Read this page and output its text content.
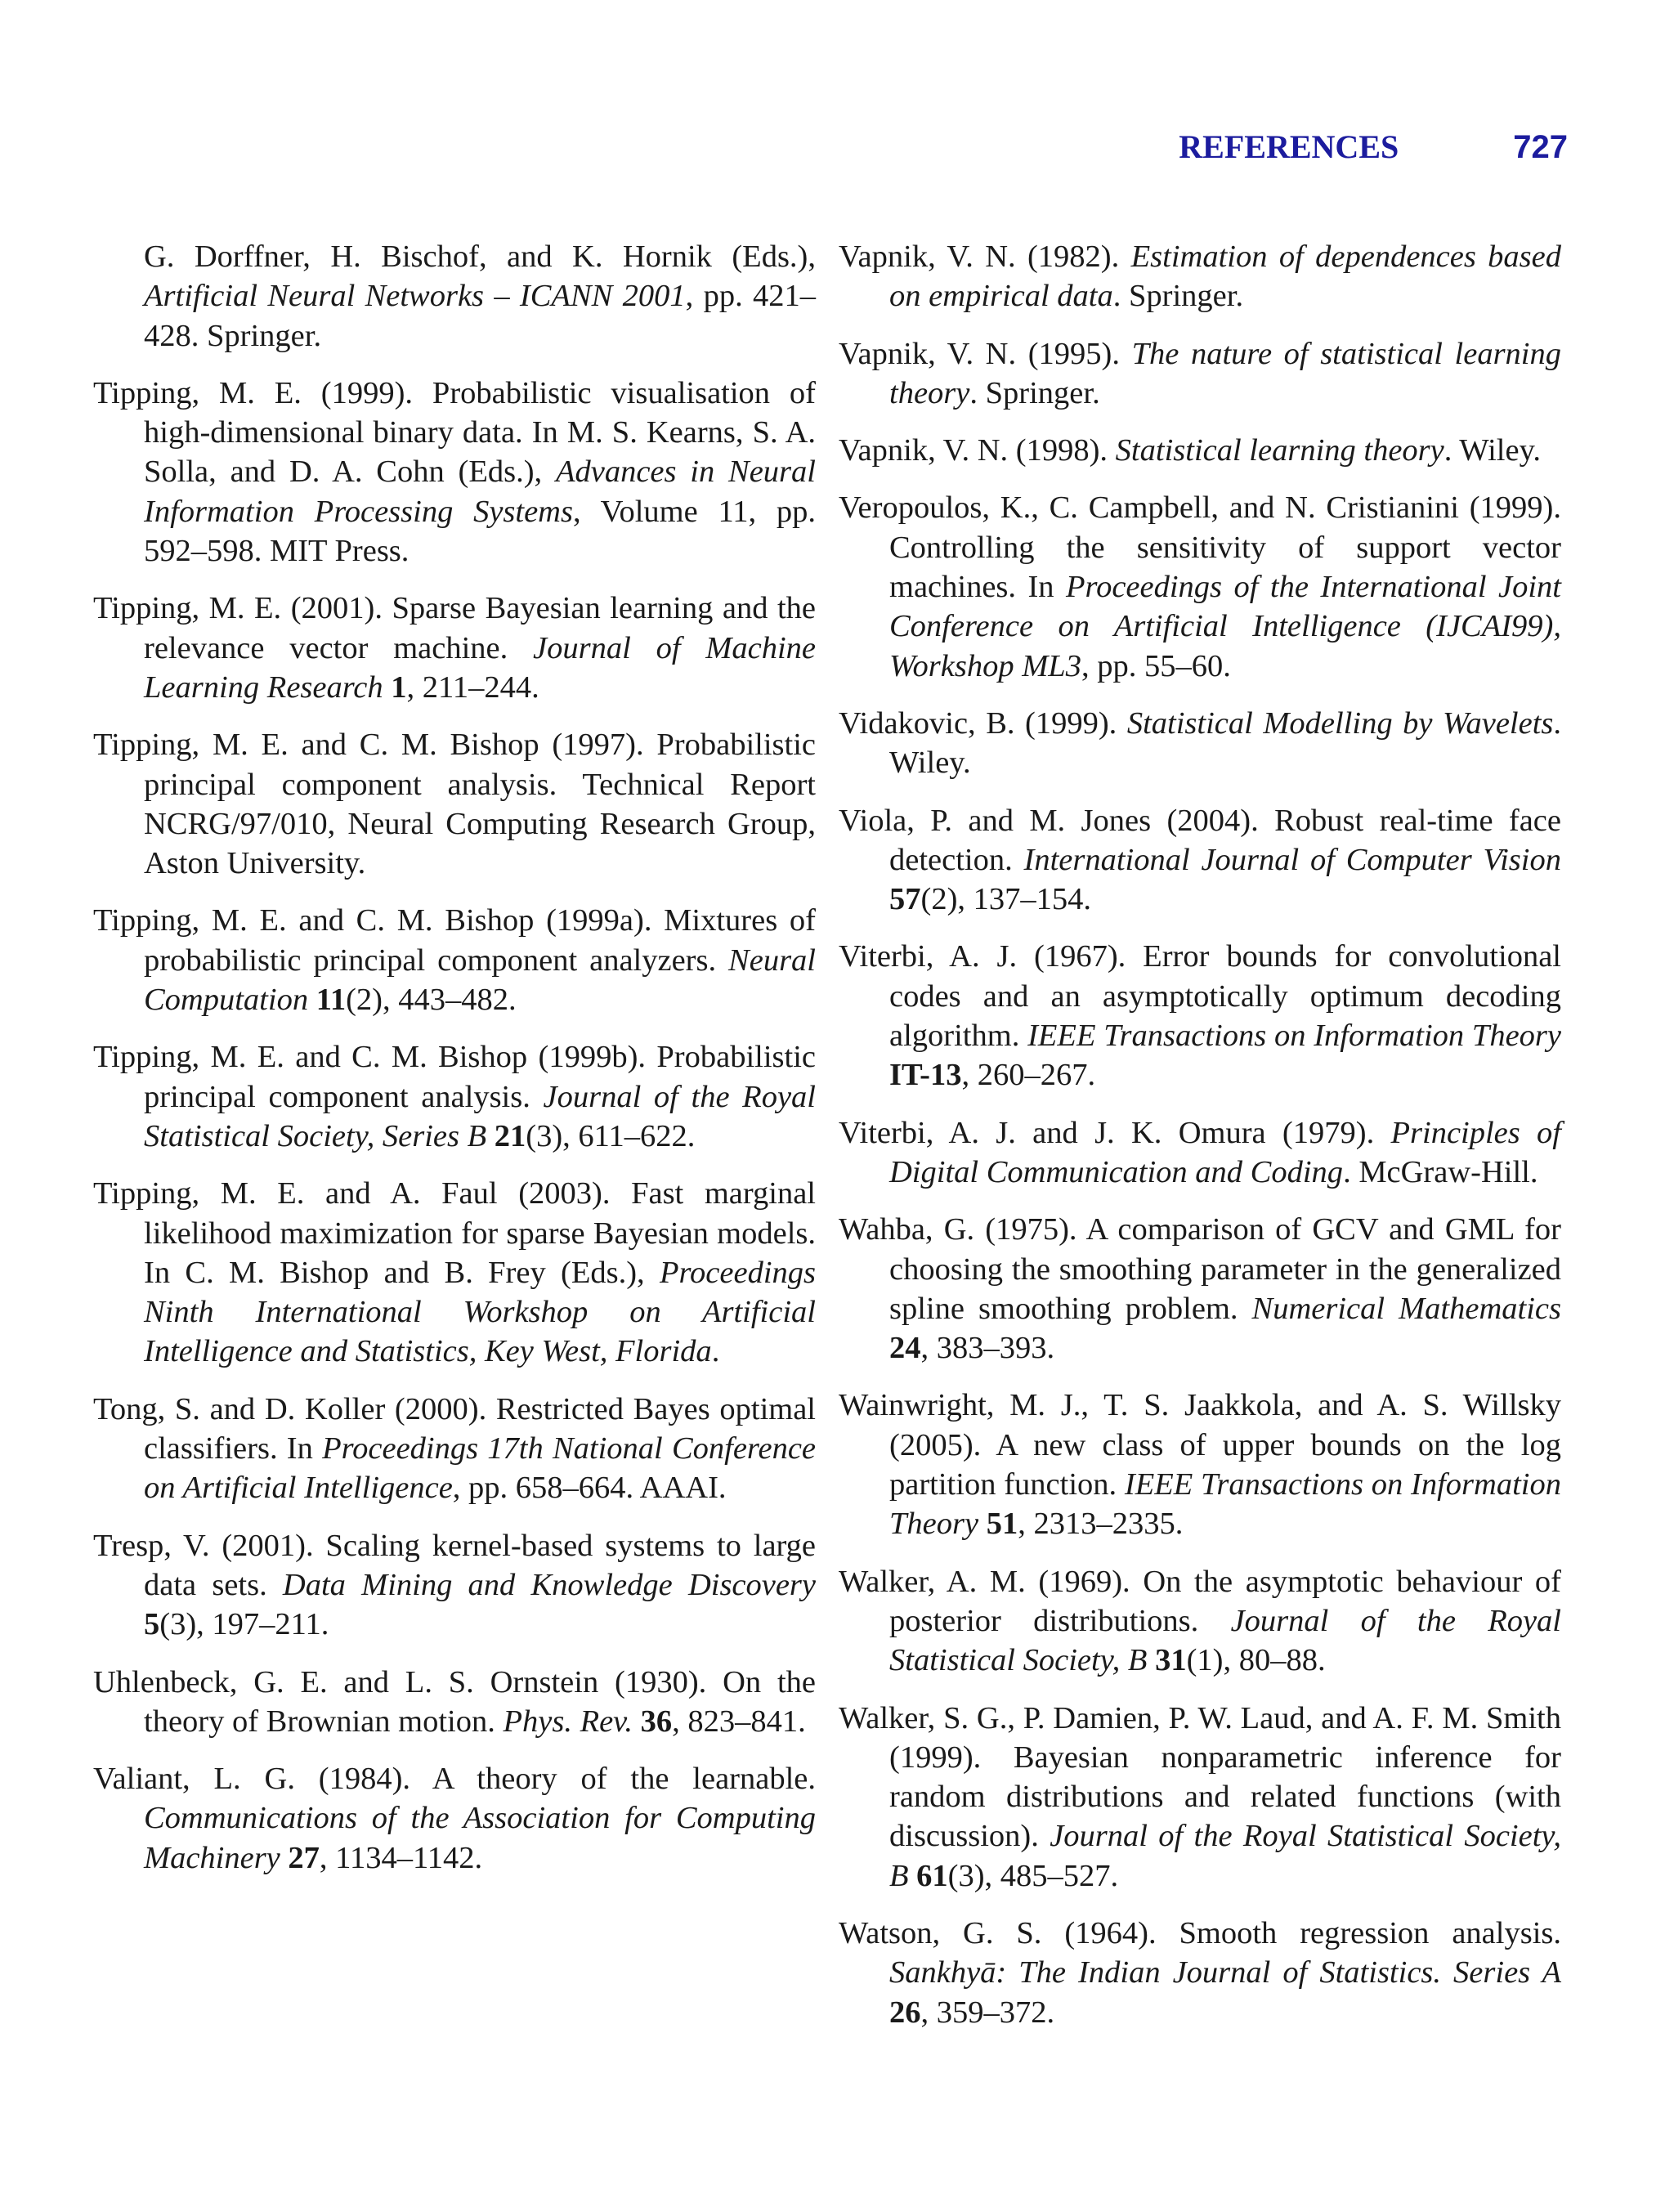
REFERENCES	727

G. Dorffner, H. Bischof, and K. Hornik (Eds.), Artificial Neural Networks – ICANN 2001, pp. 421–428. Springer.

Tipping, M. E. (1999). Probabilistic visualisation of high-dimensional binary data. In M. S. Kearns, S. A. Solla, and D. A. Cohn (Eds.), Advances in Neural Information Processing Systems, Volume 11, pp. 592–598. MIT Press.

Tipping, M. E. (2001). Sparse Bayesian learning and the relevance vector machine. Journal of Machine Learning Research 1, 211–244.

Tipping, M. E. and C. M. Bishop (1997). Probabilistic principal component analysis. Technical Report NCRG/97/010, Neural Computing Research Group, Aston University.

Tipping, M. E. and C. M. Bishop (1999a). Mixtures of probabilistic principal component analyzers. Neural Computation 11(2), 443–482.

Tipping, M. E. and C. M. Bishop (1999b). Probabilistic principal component analysis. Journal of the Royal Statistical Society, Series B 21(3), 611–622.

Tipping, M. E. and A. Faul (2003). Fast marginal likelihood maximization for sparse Bayesian models. In C. M. Bishop and B. Frey (Eds.), Proceedings Ninth International Workshop on Artificial Intelligence and Statistics, Key West, Florida.

Tong, S. and D. Koller (2000). Restricted Bayes optimal classifiers. In Proceedings 17th National Conference on Artificial Intelligence, pp. 658–664. AAAI.

Tresp, V. (2001). Scaling kernel-based systems to large data sets. Data Mining and Knowledge Discovery 5(3), 197–211.

Uhlenbeck, G. E. and L. S. Ornstein (1930). On the theory of Brownian motion. Phys. Rev. 36, 823–841.

Valiant, L. G. (1984). A theory of the learnable. Communications of the Association for Computing Machinery 27, 1134–1142.

Vapnik, V. N. (1982). Estimation of dependences based on empirical data. Springer.

Vapnik, V. N. (1995). The nature of statistical learning theory. Springer.

Vapnik, V. N. (1998). Statistical learning theory. Wiley.

Veropoulos, K., C. Campbell, and N. Cristianini (1999). Controlling the sensitivity of support vector machines. In Proceedings of the International Joint Conference on Artificial Intelligence (IJCAI99), Workshop ML3, pp. 55–60.

Vidakovic, B. (1999). Statistical Modelling by Wavelets. Wiley.

Viola, P. and M. Jones (2004). Robust real-time face detection. International Journal of Computer Vision 57(2), 137–154.

Viterbi, A. J. (1967). Error bounds for convolutional codes and an asymptotically optimum decoding algorithm. IEEE Transactions on Information Theory IT-13, 260–267.

Viterbi, A. J. and J. K. Omura (1979). Principles of Digital Communication and Coding. McGraw-Hill.

Wahba, G. (1975). A comparison of GCV and GML for choosing the smoothing parameter in the generalized spline smoothing problem. Numerical Mathematics 24, 383–393.

Wainwright, M. J., T. S. Jaakkola, and A. S. Willsky (2005). A new class of upper bounds on the log partition function. IEEE Transactions on Information Theory 51, 2313–2335.

Walker, A. M. (1969). On the asymptotic behaviour of posterior distributions. Journal of the Royal Statistical Society, B 31(1), 80–88.

Walker, S. G., P. Damien, P. W. Laud, and A. F. M. Smith (1999). Bayesian nonparametric inference for random distributions and related functions (with discussion). Journal of the Royal Statistical Society, B 61(3), 485–527.

Watson, G. S. (1964). Smooth regression analysis. Sankhyā: The Indian Journal of Statistics. Series A 26, 359–372.
